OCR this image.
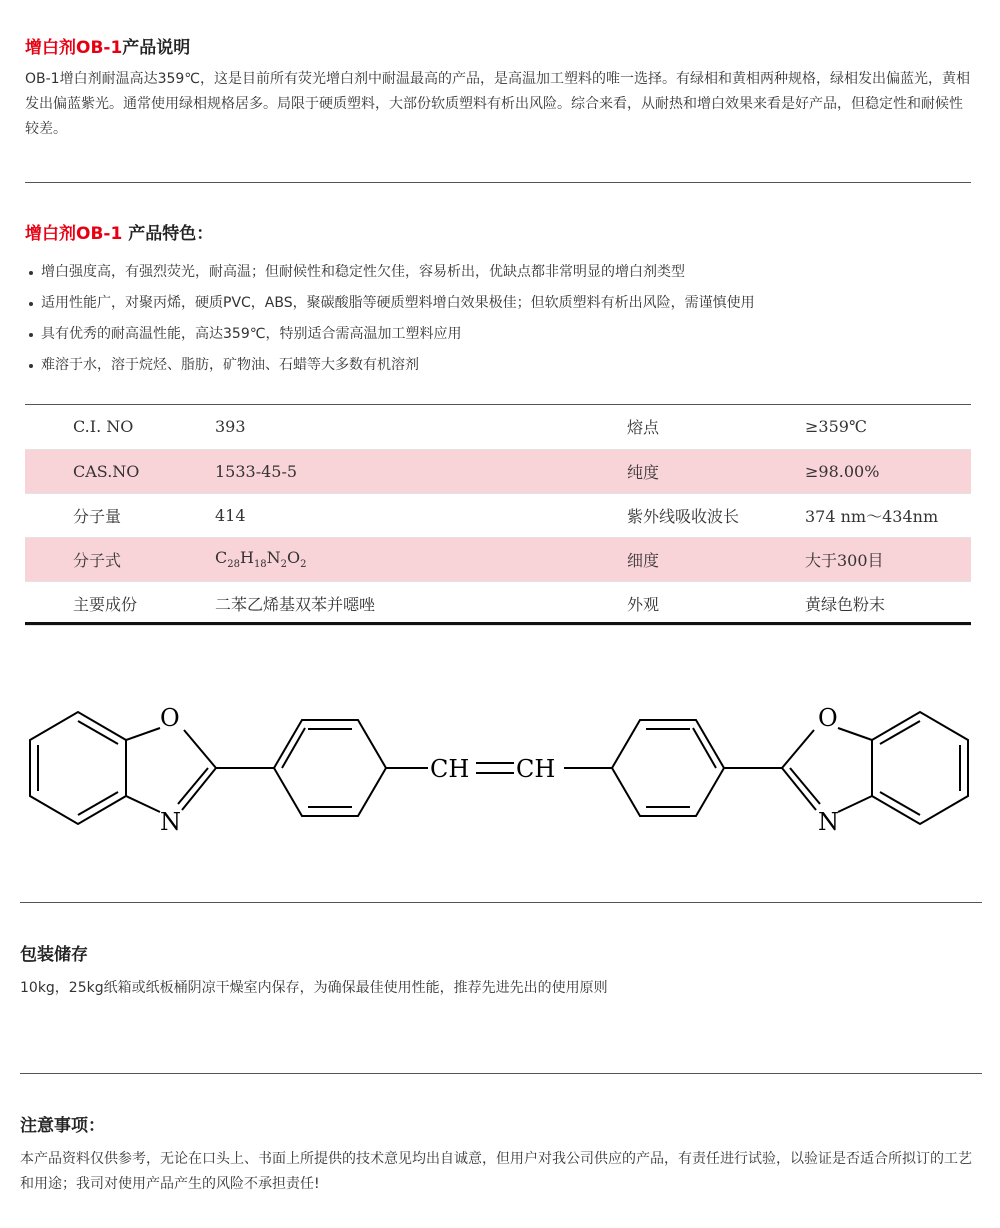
增白剂OB-1产品说明

OB-1增白剂耐温高达359℃，这是目前所有荧光增白剂中耐温最高的产品，是高温加工塑料的唯一选择。有绿相和黄相两种规格，绿相发出偏蓝光，黄相发出偏蓝紫光。通常使用绿相规格居多。局限于硬质塑料，大部份软质塑料有析出风险。综合来看，从耐热和增白效果来看是好产品，但稳定性和耐候性较差。

增白剂OB-1 产品特色：
增白强度高，有强烈荧光，耐高温；但耐候性和稳定性欠佳，容易析出，优缺点都非常明显的增白剂类型
适用性能广，对聚丙烯，硬质PVC，ABS，聚碳酸脂等硬质塑料增白效果极佳；但软质塑料有析出风险，需谨慎使用
具有优秀的耐高温性能，高达359℃，特别适合需高温加工塑料应用
难溶于水，溶于烷烃、脂肪，矿物油、石蜡等大多数有机溶剂
C.I. NO	393	熔点	≥359℃
CAS.NO	1533-45-5	纯度	≥98.00%
分子量	414	紫外线吸收波长	374 nm～434nm
分子式	$C_{28}H_{18}N_2O_2$	细度	大于300目
主要成份	二苯乙烯基双苯并噁唑	外观	黄绿色粉末
O
N
CH CH
O
N
包装储存

10kg，25kg纸箱或纸板桶阴凉干燥室内保存，为确保最佳使用性能，推荐先进先出的使用原则

注意事项：

本产品资料仅供参考，无论在口头上、书面上所提供的技术意见均出自诚意，但用户对我公司供应的产品，有责任进行试验，以验证是否适合所拟订的工艺和用途；我司对使用产品产生的风险不承担责任!
